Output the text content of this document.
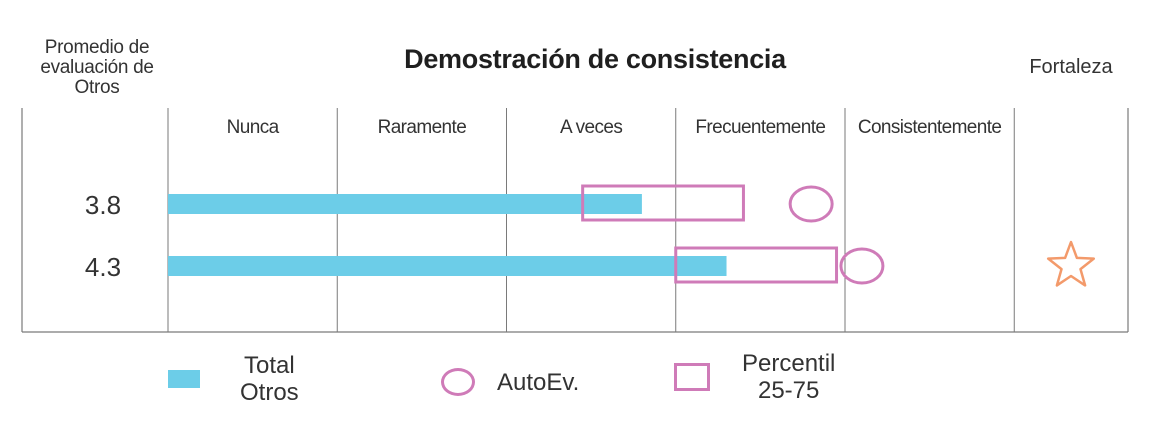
Nunca	Raramente	A veces	Frecuentemente Consistentemente
3.8
4.3
Promedio de
evaluación de
Otros
Demostración de consistencia	Fortaleza
Total
Otros	AutoEv.
Percentil
25-75
